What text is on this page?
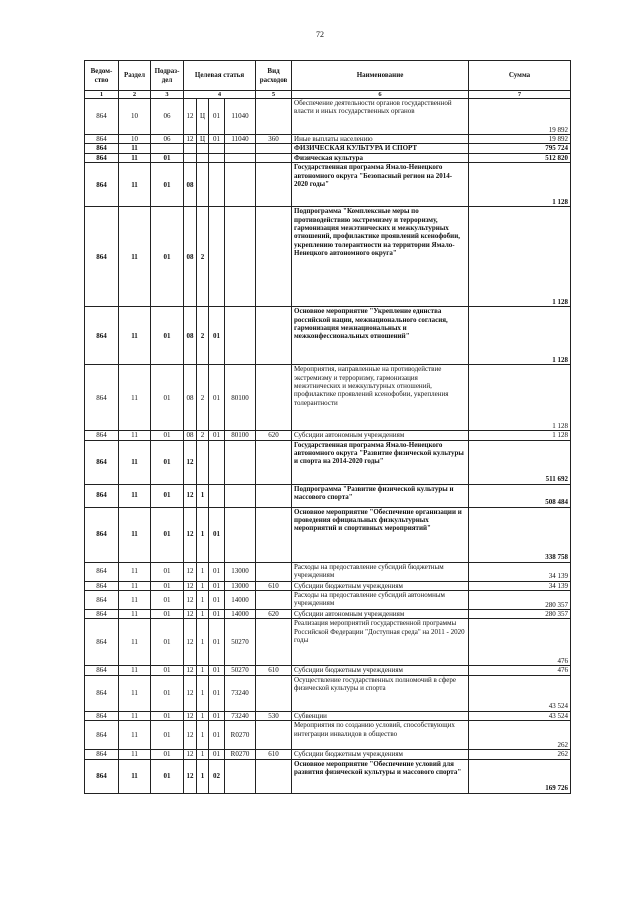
72
Ведом-ство	Раздел	Подраз-дел	Целевая статья				Вид расходов	Наименование	Сумма
1	2	3	4				5	6	7
864	10	06	12	Ц	01	11040		Обеспечение деятельности органов государственной власти и иных государственных органов	19 892
864	10	06	12	Ц	01	11040	360	Иные выплаты населению	19 892
864	11							ФИЗИЧЕСКАЯ КУЛЬТУРА И СПОРТ	795 724
864	11	01						Физическая культура	512 820
864	11	01	08					Государственная программа Ямало-Ненецкого автономного округа "Безопасный регион на 2014-2020 годы"	1 128
864	11	01	08	2				Подпрограмма "Комплексные меры по противодействию экстремизму и терроризму, гармонизация межэтнических и межкультурных отношений, профилактике проявлений ксенофобии, укреплению толерантности на территории Ямало-Ненецкого автономного округа"	1 128
864	11	01	08	2	01			Основное мероприятие "Укрепление единства российской нации, межнационального согласия, гармонизация межнациональных и межконфессиональных отношений"	1 128
864	11	01	08	2	01	80100		Мероприятия, направленные на противодействие экстремизму и терроризму, гармонизация межэтнических и межкультурных отношений, профилактике проявлений ксенофобии, укрепления толерантности	1 128
864	11	01	08	2	01	80100	620	Субсидии автономным учреждениям	1 128
864	11	01	12					Государственная программа Ямало-Ненецкого автономного округа "Развитие физической культуры и спорта на 2014-2020 годы"	511 692
864	11	01	12	1				Подпрограмма "Развитие физической культуры и массового спорта"	508 484
864	11	01	12	1	01			Основное мероприятие "Обеспечение организации и проведения официальных физкультурных мероприятий и спортивных мероприятий"	338 758
864	11	01	12	1	01	13000		Расходы на предоставление субсидий бюджетным учреждениям	34 139
864	11	01	12	1	01	13000	610	Субсидии бюджетным учреждениям	34 139
864	11	01	12	1	01	14000		Расходы на предоставление субсидий автономным учреждениям	280 357
864	11	01	12	1	01	14000	620	Субсидии автономным учреждениям	280 357
864	11	01	12	1	01	50270		Реализация мероприятий государственной программы Российской Федерации "Доступная среда" на 2011 - 2020 годы	476
864	11	01	12	1	01	50270	610	Субсидии бюджетным учреждениям	476
864	11	01	12	1	01	73240		Осуществление государственных полномочий в сфере физической культуры и спорта	43 524
864	11	01	12	1	01	73240	530	Субвенции	43 524
864	11	01	12	1	01	R0270		Мероприятия по созданию условий, способствующих интеграции инвалидов в общество	262
864	11	01	12	1	01	R0270	610	Субсидии бюджетным учреждениям	262
864	11	01	12	1	02			Основное мероприятие "Обеспечение условий для развития физической культуры и массового спорта"	169 726
